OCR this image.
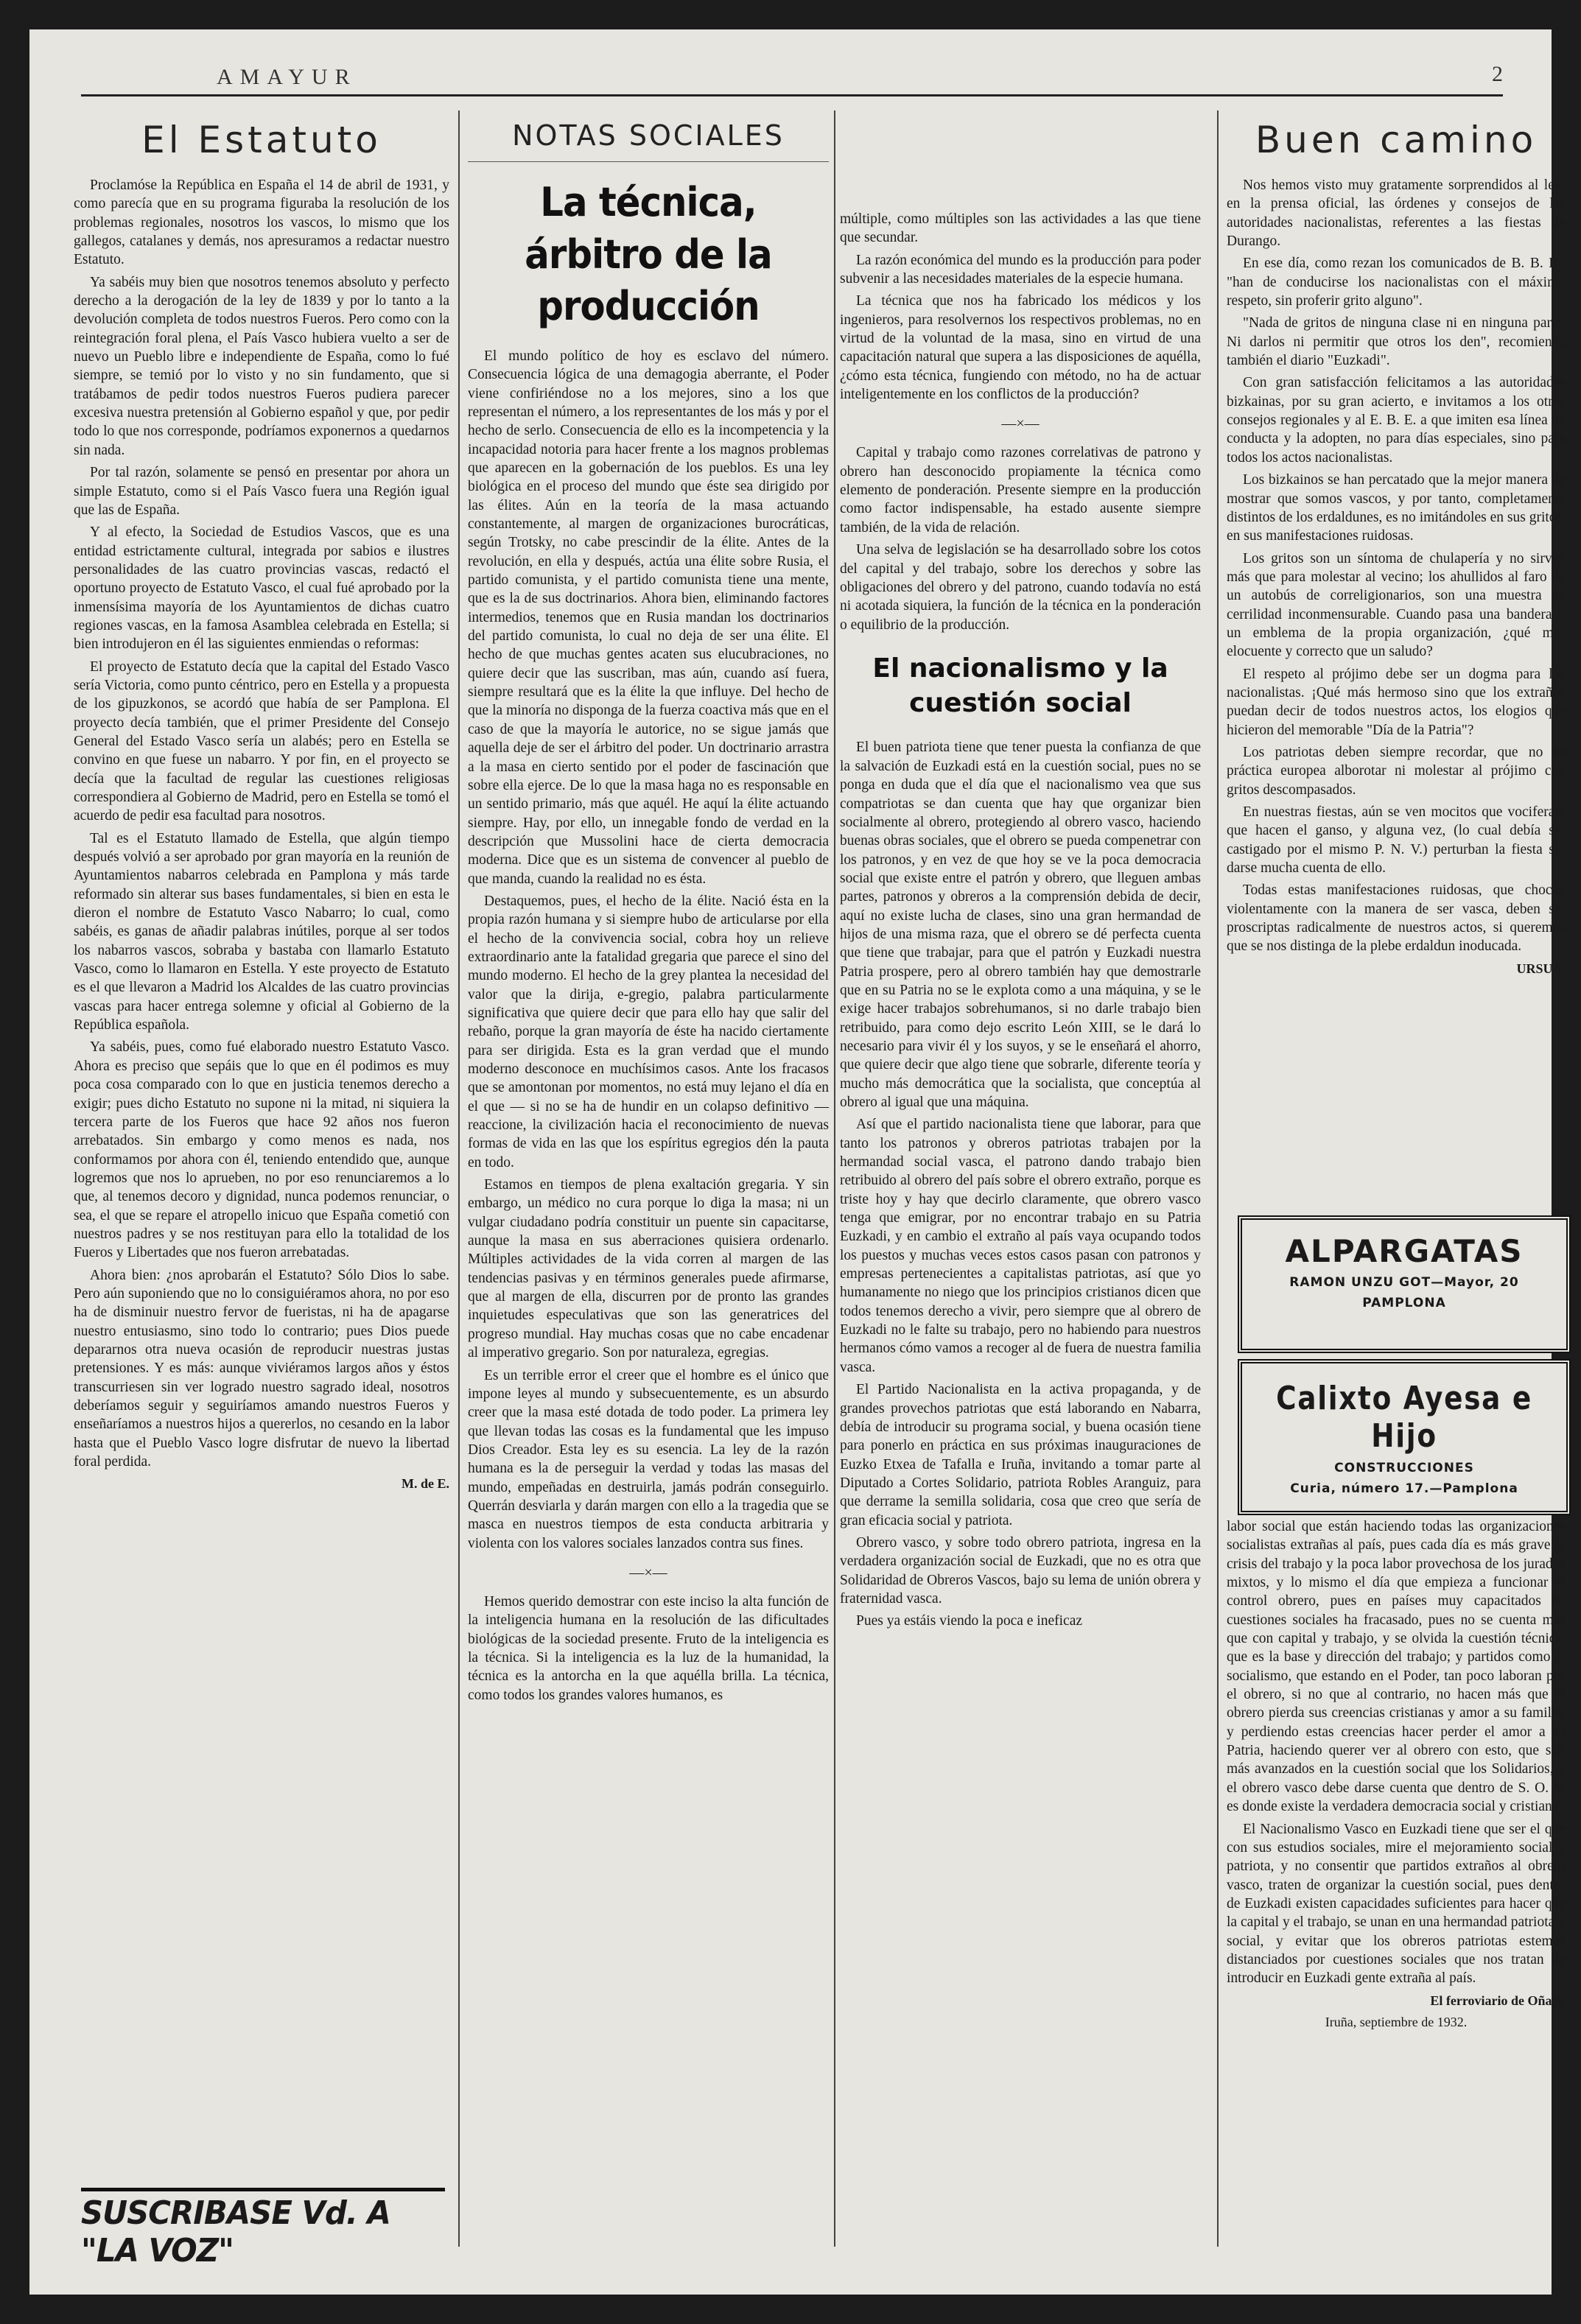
AMAYUR	2
El Estatuto

Proclamóse la República en España el 14 de abril de 1931, y como parecía que en su programa figuraba la resolución de los problemas regionales, nosotros los vascos, lo mismo que los gallegos, catalanes y demás, nos apresuramos a redactar nuestro Estatuto.

Ya sabéis muy bien que nosotros tenemos absoluto y perfecto derecho a la derogación de la ley de 1839 y por lo tanto a la devolución completa de todos nuestros Fueros. Pero como con la reintegración foral plena, el País Vasco hubiera vuelto a ser de nuevo un Pueblo libre e independiente de España, como lo fué siempre, se temió por lo visto y no sin fundamento, que si tratábamos de pedir todos nuestros Fueros pudiera parecer excesiva nuestra pretensión al Gobierno español y que, por pedir todo lo que nos corresponde, podríamos exponernos a quedarnos sin nada.

Por tal razón, solamente se pensó en presentar por ahora un simple Estatuto, como si el País Vasco fuera una Región igual que las de España.

Y al efecto, la Sociedad de Estudios Vascos, que es una entidad estrictamente cultural, integrada por sabios e ilustres personalidades de las cuatro provincias vascas, redactó el oportuno proyecto de Estatuto Vasco, el cual fué aprobado por la inmensísima mayoría de los Ayuntamientos de dichas cuatro regiones vascas, en la famosa Asamblea celebrada en Estella; si bien introdujeron en él las siguientes enmiendas o reformas:

El proyecto de Estatuto decía que la capital del Estado Vasco sería Victoria, como punto céntrico, pero en Estella y a propuesta de los gipuzkonos, se acordó que había de ser Pamplona. El proyecto decía también, que el primer Presidente del Consejo General del Estado Vasco sería un alabés; pero en Estella se convino en que fuese un nabarro. Y por fin, en el proyecto se decía que la facultad de regular las cuestiones religiosas correspondiera al Gobierno de Madrid, pero en Estella se tomó el acuerdo de pedir esa facultad para nosotros.

Tal es el Estatuto llamado de Estella, que algún tiempo después volvió a ser aprobado por gran mayoría en la reunión de Ayuntamientos nabarros celebrada en Pamplona y más tarde reformado sin alterar sus bases fundamentales, si bien en esta le dieron el nombre de Estatuto Vasco Nabarro; lo cual, como sabéis, es ganas de añadir palabras inútiles, porque al ser todos los nabarros vascos, sobraba y bastaba con llamarlo Estatuto Vasco, como lo llamaron en Estella. Y este proyecto de Estatuto es el que llevaron a Madrid los Alcaldes de las cuatro provincias vascas para hacer entrega solemne y oficial al Gobierno de la República española.

Ya sabéis, pues, como fué elaborado nuestro Estatuto Vasco. Ahora es preciso que sepáis que lo que en él podimos es muy poca cosa comparado con lo que en justicia tenemos derecho a exigir; pues dicho Estatuto no supone ni la mitad, ni siquiera la tercera parte de los Fueros que hace 92 años nos fueron arrebatados. Sin embargo y como menos es nada, nos conformamos por ahora con él, teniendo entendido que, aunque logremos que nos lo aprueben, no por eso renunciaremos a lo que, al tenemos decoro y dignidad, nunca podemos renunciar, o sea, el que se repare el atropello inicuo que España cometió con nuestros padres y se nos restituyan para ello la totalidad de los Fueros y Libertades que nos fueron arrebatadas.

Ahora bien: ¿nos aprobarán el Estatuto? Sólo Dios lo sabe. Pero aún suponiendo que no lo consiguiéramos ahora, no por eso ha de disminuir nuestro fervor de fueristas, ni ha de apagarse nuestro entusiasmo, sino todo lo contrario; pues Dios puede depararnos otra nueva ocasión de reproducir nuestras justas pretensiones. Y es más: aunque viviéramos largos años y éstos transcurriesen sin ver logrado nuestro sagrado ideal, nosotros deberíamos seguir y seguiríamos amando nuestros Fueros y enseñaríamos a nuestros hijos a quererlos, no cesando en la labor hasta que el Pueblo Vasco logre disfrutar de nuevo la libertad foral perdida.

M. de E.
NOTAS SOCIALES
La técnica, árbitro de la producción

El mundo político de hoy es esclavo del número. Consecuencia lógica de una demagogia aberrante, el Poder viene confiriéndose no a los mejores, sino a los que representan el número, a los representantes de los más y por el hecho de serlo. Consecuencia de ello es la incompetencia y la incapacidad notoria para hacer frente a los magnos problemas que aparecen en la gobernación de los pueblos. Es una ley biológica en el proceso del mundo que éste sea dirigido por las élites. Aún en la teoría de la masa actuando constantemente, al margen de organizaciones burocráticas, según Trotsky, no cabe prescindir de la élite. Antes de la revolución, en ella y después, actúa una élite sobre Rusia, el partido comunista, y el partido comunista tiene una mente, que es la de sus doctrinarios. Ahora bien, eliminando factores intermedios, tenemos que en Rusia mandan los doctrinarios del partido comunista, lo cual no deja de ser una élite. El hecho de que muchas gentes acaten sus elucubraciones, no quiere decir que las suscriban, mas aún, cuando así fuera, siempre resultará que es la élite la que influye. Del hecho de que la minoría no disponga de la fuerza coactiva más que en el caso de que la mayoría le autorice, no se sigue jamás que aquella deje de ser el árbitro del poder. Un doctrinario arrastra a la masa en cierto sentido por el poder de fascinación que sobre ella ejerce. De lo que la masa haga no es responsable en un sentido primario, más que aquél. He aquí la élite actuando siempre. Hay, por ello, un innegable fondo de verdad en la descripción que Mussolini hace de cierta democracia moderna. Dice que es un sistema de convencer al pueblo de que manda, cuando la realidad no es ésta.

Destaquemos, pues, el hecho de la élite. Nació ésta en la propia razón humana y si siempre hubo de articularse por ella el hecho de la convivencia social, cobra hoy un relieve extraordinario ante la fatalidad gregaria que parece el sino del mundo moderno. El hecho de la grey plantea la necesidad del valor que la dirija, e-gregio, palabra particularmente significativa que quiere decir que para ello hay que salir del rebaño, porque la gran mayoría de éste ha nacido ciertamente para ser dirigida. Esta es la gran verdad que el mundo moderno desconoce en muchísimos casos. Ante los fracasos que se amontonan por momentos, no está muy lejano el día en el que — si no se ha de hundir en un colapso definitivo — reaccione, la civilización hacia el reconocimiento de nuevas formas de vida en las que los espíritus egregios dén la pauta en todo.

Estamos en tiempos de plena exaltación gregaria. Y sin embargo, un médico no cura porque lo diga la masa; ni un vulgar ciudadano podría constituir un puente sin capacitarse, aunque la masa en sus aberraciones quisiera ordenarlo. Múltiples actividades de la vida corren al margen de las tendencias pasivas y en términos generales puede afirmarse, que al margen de ella, discurren por de pronto las grandes inquietudes especulativas que son las generatrices del progreso mundial. Hay muchas cosas que no cabe encadenar al imperativo gregario. Son por naturaleza, egregias.

Es un terrible error el creer que el hombre es el único que impone leyes al mundo y subsecuentemente, es un absurdo creer que la masa esté dotada de todo poder. La primera ley que llevan todas las cosas es la fundamental que les impuso Dios Creador. Esta ley es su esencia. La ley de la razón humana es la de perseguir la verdad y todas las masas del mundo, empeñadas en destruirla, jamás podrán conseguirlo. Querrán desviarla y darán margen con ello a la tragedia que se masca en nuestros tiempos de esta conducta arbitraria y violenta con los valores sociales lanzados contra sus fines.

—×—

Hemos querido demostrar con este inciso la alta función de la inteligencia humana en la resolución de las dificultades biológicas de la sociedad presente. Fruto de la inteligencia es la técnica. Si la inteligencia es la luz de la humanidad, la técnica es la antorcha en la que aquélla brilla. La técnica, como todos los grandes valores humanos, es

múltiple, como múltiples son las actividades a las que tiene que secundar.

La razón económica del mundo es la producción para poder subvenir a las necesidades materiales de la especie humana.

La técnica que nos ha fabricado los médicos y los ingenieros, para resolvernos los respectivos problemas, no en virtud de la voluntad de la masa, sino en virtud de una capacitación natural que supera a las disposiciones de aquélla, ¿cómo esta técnica, fungiendo con método, no ha de actuar inteligentemente en los conflictos de la producción?

—×—

Capital y trabajo como razones correlativas de patrono y obrero han desconocido propiamente la técnica como elemento de ponderación. Presente siempre en la producción como factor indispensable, ha estado ausente siempre también, de la vida de relación.

Una selva de legislación se ha desarrollado sobre los cotos del capital y del trabajo, sobre los derechos y sobre las obligaciones del obrero y del patrono, cuando todavía no está ni acotada siquiera, la función de la técnica en la ponderación o equilibrio de la producción.

El nacionalismo y la cuestión social

El buen patriota tiene que tener puesta la confianza de que la salvación de Euzkadi está en la cuestión social, pues no se ponga en duda que el día que el nacionalismo vea que sus compatriotas se dan cuenta que hay que organizar bien socialmente al obrero, protegiendo al obrero vasco, haciendo buenas obras sociales, que el obrero se pueda compenetrar con los patronos, y en vez de que hoy se ve la poca democracia social que existe entre el patrón y obrero, que lleguen ambas partes, patronos y obreros a la comprensión debida de decir, aquí no existe lucha de clases, sino una gran hermandad de hijos de una misma raza, que el obrero se dé perfecta cuenta que tiene que trabajar, para que el patrón y Euzkadi nuestra Patria prospere, pero al obrero también hay que demostrarle que en su Patria no se le explota como a una máquina, y se le exige hacer trabajos sobrehumanos, si no darle trabajo bien retribuido, para como dejo escrito León XIII, se le dará lo necesario para vivir él y los suyos, y se le enseñará el ahorro, que quiere decir que algo tiene que sobrarle, diferente teoría y mucho más democrática que la socialista, que conceptúa al obrero al igual que una máquina.

Así que el partido nacionalista tiene que laborar, para que tanto los patronos y obreros patriotas trabajen por la hermandad social vasca, el patrono dando trabajo bien retribuido al obrero del país sobre el obrero extraño, porque es triste hoy y hay que decirlo claramente, que obrero vasco tenga que emigrar, por no encontrar trabajo en su Patria Euzkadi, y en cambio el extraño al país vaya ocupando todos los puestos y muchas veces estos casos pasan con patronos y empresas pertenecientes a capitalistas patriotas, así que yo humanamente no niego que los principios cristianos dicen que todos tenemos derecho a vivir, pero siempre que al obrero de Euzkadi no le falte su trabajo, pero no habiendo para nuestros hermanos cómo vamos a recoger al de fuera de nuestra familia vasca.

El Partido Nacionalista en la activa propaganda, y de grandes provechos patriotas que está laborando en Nabarra, debía de introducir su programa social, y buena ocasión tiene para ponerlo en práctica en sus próximas inauguraciones de Euzko Etxea de Tafalla e Iruña, invitando a tomar parte al Diputado a Cortes Solidario, patriota Robles Aranguiz, para que derrame la semilla solidaria, cosa que creo que sería de gran eficacia social y patriota.

Obrero vasco, y sobre todo obrero patriota, ingresa en la verdadera organización social de Euzkadi, que no es otra que Solidaridad de Obreros Vascos, bajo su lema de unión obrera y fraternidad vasca.

Pues ya estáis viendo la poca e ineficaz

Buen camino

Nos hemos visto muy gratamente sorprendidos al leer en la prensa oficial, las órdenes y consejos de las autoridades nacionalistas, referentes a las fiestas de Durango.

En ese día, como rezan los comunicados de B. B. B., "han de conducirse los nacionalistas con el máximo respeto, sin proferir grito alguno".

"Nada de gritos de ninguna clase ni en ninguna parte. Ni darlos ni permitir que otros los den", recomienda también el diario "Euzkadi".

Con gran satisfacción felicitamos a las autoridades bizkainas, por su gran acierto, e invitamos a los otros consejos regionales y al E. B. E. a que imiten esa línea de conducta y la adopten, no para días especiales, sino para todos los actos nacionalistas.

Los bizkainos se han percatado que la mejor manera de mostrar que somos vascos, y por tanto, completamente distintos de los erdaldunes, es no imitándoles en sus gritos, en sus manifestaciones ruidosas.

Los gritos son un síntoma de chulapería y no sirven más que para molestar al vecino; los ahullidos al faro de un autobús de correligionarios, son una muestra de cerrilidad inconmensurable. Cuando pasa una bandera o un emblema de la propia organización, ¿qué más elocuente y correcto que un saludo?

El respeto al prójimo debe ser un dogma para los nacionalistas. ¡Qué más hermoso sino que los extraños puedan decir de todos nuestros actos, los elogios que hicieron del memorable "Día de la Patria"?

Los patriotas deben siempre recordar, que no es práctica europea alborotar ni molestar al prójimo con gritos descompasados.

En nuestras fiestas, aún se ven mocitos que vociferan, que hacen el ganso, y alguna vez, (lo cual debía ser castigado por el mismo P. N. V.) perturban la fiesta sin darse mucha cuenta de ello.

Todas estas manifestaciones ruidosas, que chocan violentamente con la manera de ser vasca, deben ser proscriptas radicalmente de nuestros actos, si queremos que se nos distinga de la plebe erdaldun inoducada.

URSUA.
ALPARGATAS
RAMON UNZU GOT—Mayor, 20
PAMPLONA
Calixto Ayesa e Hijo
CONSTRUCCIONES
Curia, número 17.—Pamplona

labor social que están haciendo todas las organizaciones socialistas extrañas al país, pues cada día es más grave la crisis del trabajo y la poca labor provechosa de los jurados mixtos, y lo mismo el día que empieza a funcionar el control obrero, pues en países muy capacitados en cuestiones sociales ha fracasado, pues no se cuenta más que con capital y trabajo, y se olvida la cuestión técnica, que es la base y dirección del trabajo; y partidos como el socialismo, que estando en el Poder, tan poco laboran por el obrero, si no que al contrario, no hacen más que el obrero pierda sus creencias cristianas y amor a su familia, y perdiendo estas creencias hacer perder el amor a su Patria, haciendo querer ver al obrero con esto, que son más avanzados en la cuestión social que los Solidarios, y el obrero vasco debe darse cuenta que dentro de S. O. V. es donde existe la verdadera democracia social y cristiana.

El Nacionalismo Vasco en Euzkadi tiene que ser el que con sus estudios sociales, mire el mejoramiento social y patriota, y no consentir que partidos extraños al obrero vasco, traten de organizar la cuestión social, pues dentro de Euzkadi existen capacidades suficientes para hacer que la capital y el trabajo, se unan en una hermandad patriota y social, y evitar que los obreros patriotas estemos distanciados por cuestiones sociales que nos tratan de introducir en Euzkadi gente extraña al país.

El ferroviario de Oñate.
Iruña, septiembre de 1932.
SUSCRIBASE Vd. A "LA VOZ"
